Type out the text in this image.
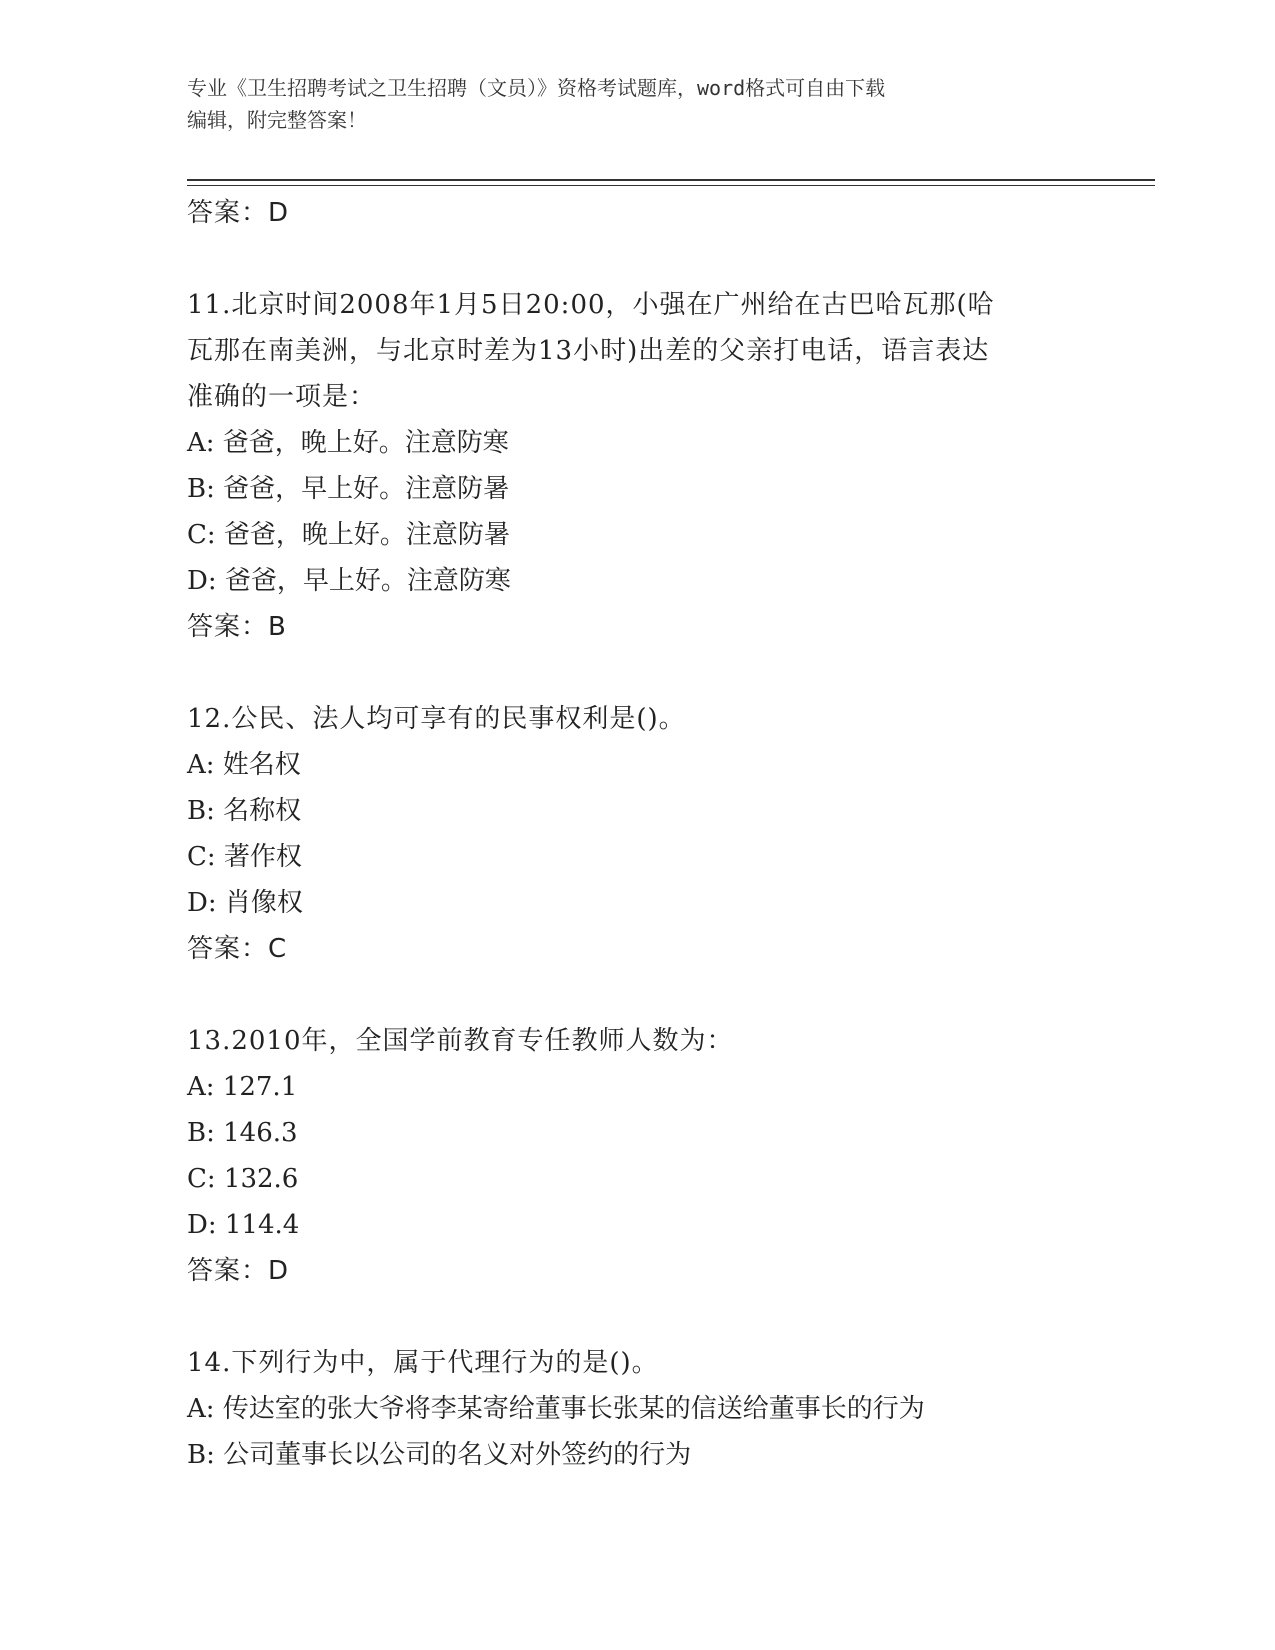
专业《卫生招聘考试之卫生招聘（文员）》资格考试题库，word格式可自由下载
编辑，附完整答案！
答案：D
11.北京时间2008年1月5日20:00，小强在广州给在古巴哈瓦那(哈
瓦那在南美洲，与北京时差为13小时)出差的父亲打电话，语言表达
准确的一项是：
A: 爸爸，晚上好。注意防寒
B: 爸爸，早上好。注意防暑
C: 爸爸，晚上好。注意防暑
D: 爸爸，早上好。注意防寒
答案：B
12.公民、法人均可享有的民事权利是()。
A: 姓名权
B: 名称权
C: 著作权
D: 肖像权
答案：C
13.2010年，全国学前教育专任教师人数为：
A: 127.1
B: 146.3
C: 132.6
D: 114.4
答案：D
14.下列行为中，属于代理行为的是()。
A: 传达室的张大爷将李某寄给董事长张某的信送给董事长的行为
B: 公司董事长以公司的名义对外签约的行为
